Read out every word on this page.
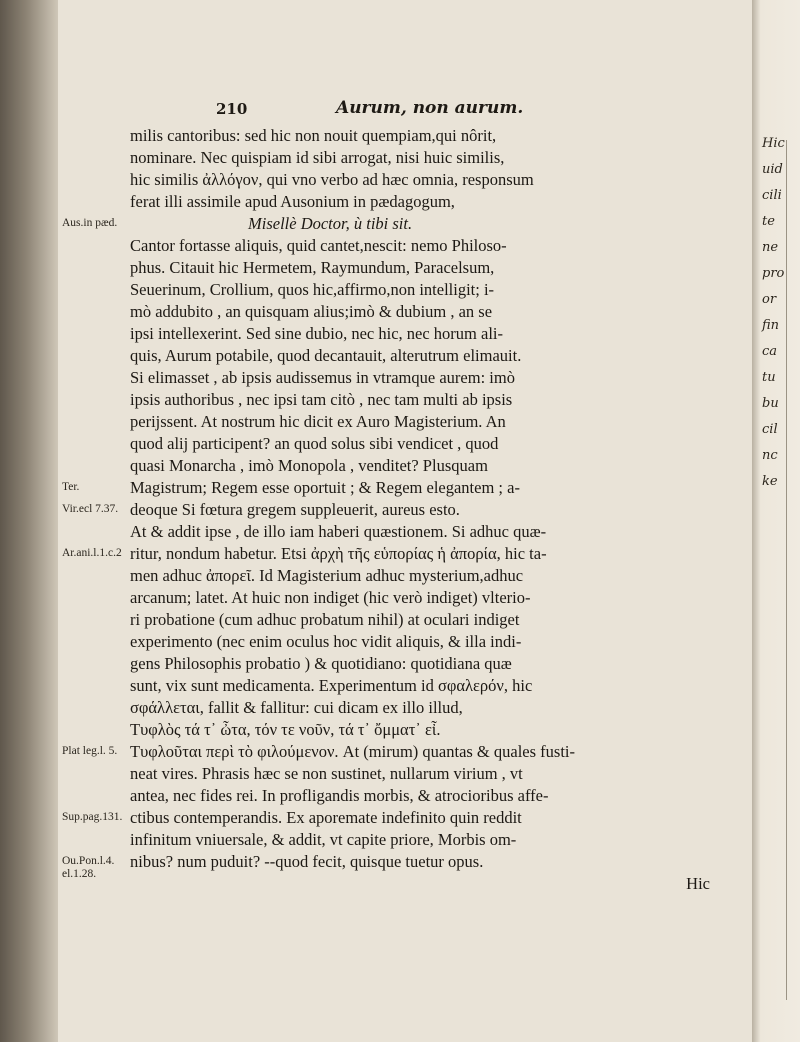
210	Aurum, non aurum.
Aus.in pæd.
Ter.
Vir.ecl 7.37.
Ar.ani.l.1.c.2
Plat leg.l. 5.
Sup.pag.131.
Ou.Pon.l.4.
el.1.28.
milis cantoribus: sed hic non nouit quempiam,qui nôrit,
nominare. Nec quispiam id sibi arrogat, nisi huic similis,
hic similis ἀλλόγον, qui vno verbo ad hæc omnia, responsum
ferat illi assimile apud Ausonium in pædagogum,
Misellè Doctor, ù tibi sit.
Cantor fortasse aliquis, quid cantet,nescit: nemo Philoso-
phus. Citauit hic Hermetem, Raymundum, Paracelsum,
Seuerinum, Crollium, quos hic,affirmo,non intelligit; i-
mò addubito , an quisquam alius;imò & dubium , an se
ipsi intellexerint. Sed sine dubio, nec hic, nec horum ali-
quis, Aurum potabile, quod decantauit, alterutrum elimauit.
Si elimasset , ab ipsis audissemus in vtramque aurem: imò
ipsis authoribus , nec ipsi tam citò , nec tam multi ab ipsis
perijssent. At nostrum hic dicit ex Auro Magisterium. An
quod alij participent? an quod solus sibi vendicet , quod
quasi Monarcha , imò Monopola , venditet? Plusquam
Magistrum; Regem esse oportuit ; & Regem elegantem ; a-
deoque Si fœtura gregem suppleuerit, aureus esto.
At & addit ipse , de illo iam haberi quæstionem. Si adhuc quæ-
ritur, nondum habetur. Etsi ἀρχὴ τῆς εὑπορίας ἡ ἀπορία, hic ta-
men adhuc ἀπορεῖ. Id Magisterium adhuc mysterium,adhuc
arcanum; latet. At huic non indiget (hic verò indiget) vlterio-
ri probatione (cum adhuc probatum nihil) at oculari indiget
experimento (nec enim oculus hoc vidit aliquis, & illa indi-
gens Philosophis probatio ) & quotidiano: quotidiana quæ
sunt, vix sunt medicamenta. Experimentum id σφαλερόν, hic
σφάλλεται, fallit & fallitur: cui dicam ex illo illud,
Τυφλὸς τά τ᾽ ὦτα, τόν τε νοῦν, τά τ᾽ ὄμματ᾽ εἶ.
Τυφλοῦται περὶ τὸ φιλούμενον. At (mirum) quantas & quales fusti-
neat vires. Phrasis hæc se non sustinet, nullarum virium , vt
antea, nec fides rei. In profligandis morbis, & atrocioribus affe-
ctibus contemperandis. Ex aporemate indefinito quin reddit
infinitum vniuersale, & addit, vt capite priore, Morbis om-
nibus? num puduit? --quod fecit, quisque tuetur opus.
Hic
Hic
uid
cili
te
ne
pro
or
fin
ca
tu
bu
cil
nc
ke
